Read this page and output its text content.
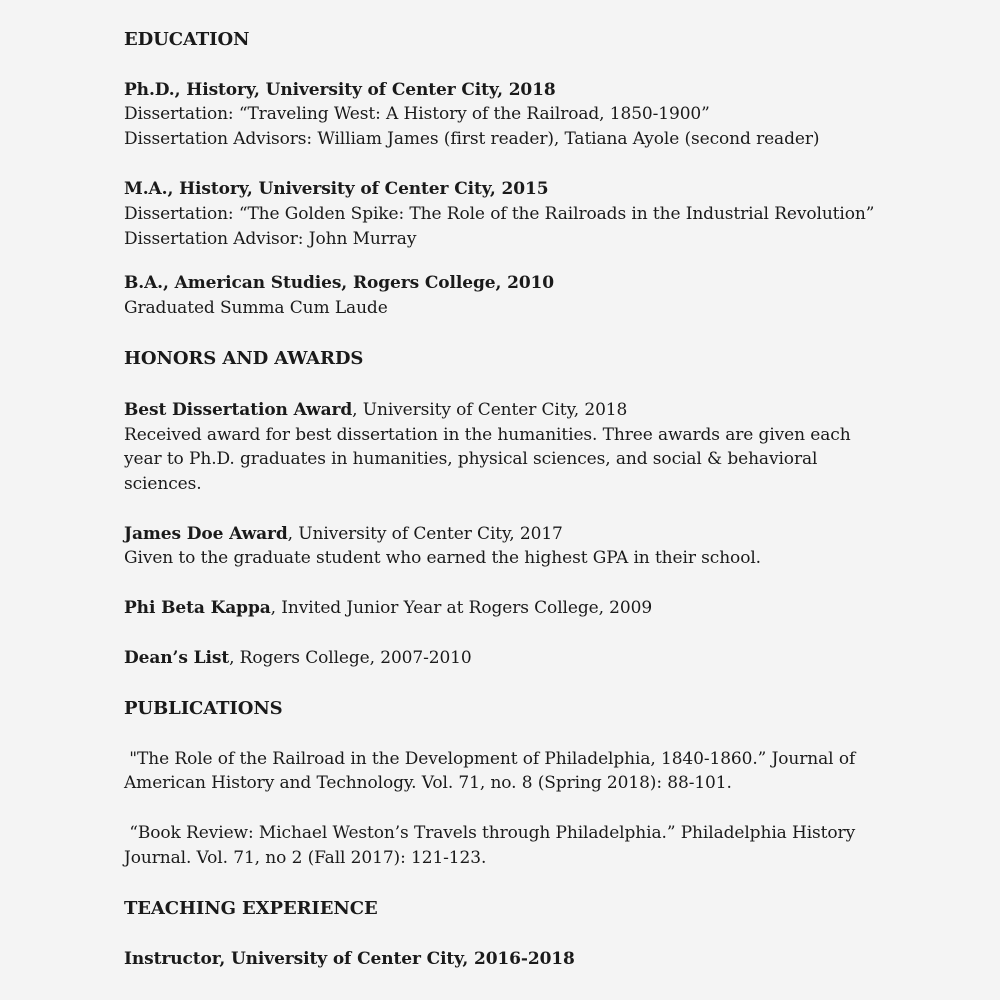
EDUCATION
Ph.D., History, University of Center City, 2018
Dissertation: “Traveling West: A History of the Railroad, 1850-1900”
Dissertation Advisors: William James (first reader), Tatiana Ayole (second reader)
M.A., History, University of Center City, 2015
Dissertation: “The Golden Spike: The Role of the Railroads in the Industrial Revolution”
Dissertation Advisor: John Murray
B.A., American Studies, Rogers College, 2010
Graduated Summa Cum Laude
HONORS AND AWARDS
Best Dissertation Award, University of Center City, 2018
Received award for best dissertation in the humanities. Three awards are given each
year to Ph.D. graduates in humanities, physical sciences, and social & behavioral
sciences.
James Doe Award, University of Center City, 2017
Given to the graduate student who earned the highest GPA in their school.
Phi Beta Kappa, Invited Junior Year at Rogers College, 2009
Dean’s List, Rogers College, 2007-2010
PUBLICATIONS
"The Role of the Railroad in the Development of Philadelphia, 1840-1860.” Journal of
American History and Technology. Vol. 71, no. 8 (Spring 2018): 88-101.
“Book Review: Michael Weston’s Travels through Philadelphia.” Philadelphia History
Journal. Vol. 71, no 2 (Fall 2017): 121-123.
TEACHING EXPERIENCE
Instructor, University of Center City, 2016-2018
